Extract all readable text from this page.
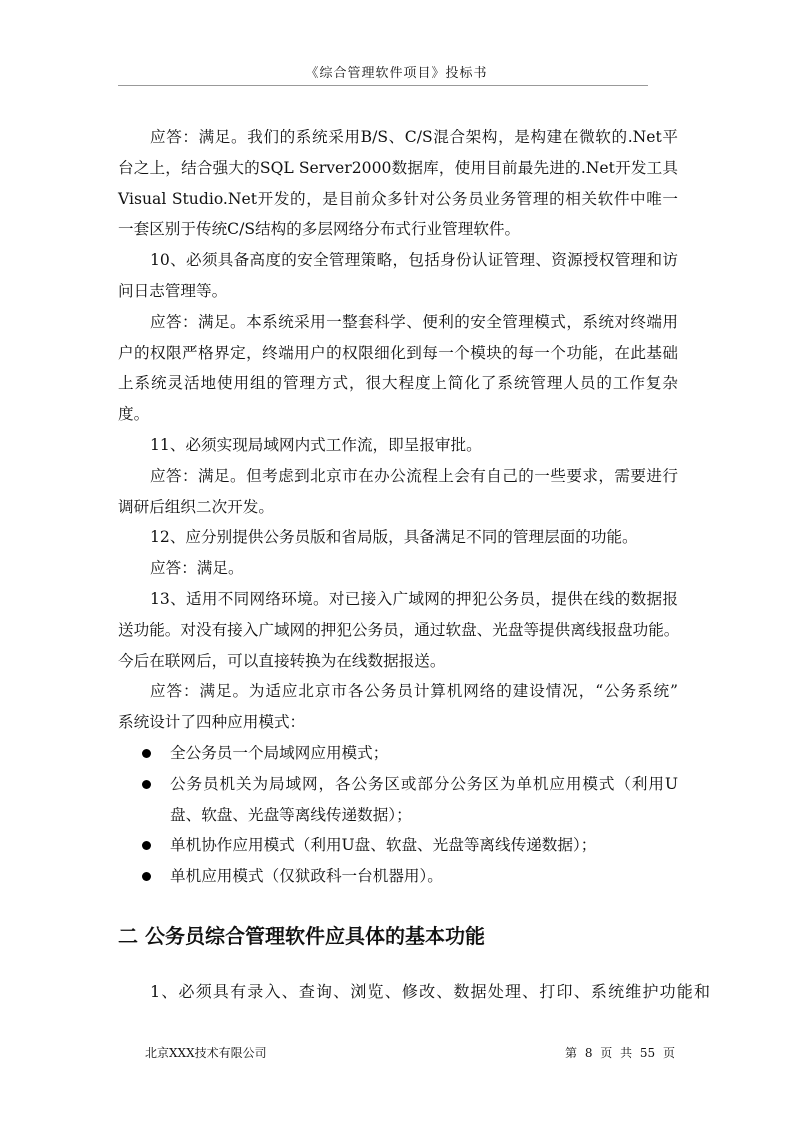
《综合管理软件项目》投标书
应答：满足。我们的系统采用B/S、C/S混合架构，是构建在微软的.Net平
台之上，结合强大的SQL Server2000数据库，使用目前最先进的.Net开发工具
Visual Studio.Net开发的，是目前众多针对公务员业务管理的相关软件中唯一
一套区别于传统C/S结构的多层网络分布式行业管理软件。
10、必须具备高度的安全管理策略，包括身份认证管理、资源授权管理和访
问日志管理等。
应答：满足。本系统采用一整套科学、便利的安全管理模式，系统对终端用
户的权限严格界定，终端用户的权限细化到每一个模块的每一个功能，在此基础
上系统灵活地使用组的管理方式，很大程度上简化了系统管理人员的工作复杂
度。
11、必须实现局域网内式工作流，即呈报审批。
应答：满足。但考虑到北京市在办公流程上会有自己的一些要求，需要进行
调研后组织二次开发。
12、应分别提供公务员版和省局版，具备满足不同的管理层面的功能。
应答：满足。
13、适用不同网络环境。对已接入广域网的押犯公务员，提供在线的数据报
送功能。对没有接入广域网的押犯公务员，通过软盘、光盘等提供离线报盘功能。
今后在联网后，可以直接转换为在线数据报送。
应答：满足。为适应北京市各公务员计算机网络的建设情况，“公务系统”
系统设计了四种应用模式：
全公务员一个局域网应用模式；
公务员机关为局域网，各公务区或部分公务区为单机应用模式（利用U
盘、软盘、光盘等离线传递数据）；
单机协作应用模式（利用U盘、软盘、光盘等离线传递数据）；
单机应用模式（仅狱政科一台机器用）。
二 公务员综合管理软件应具体的基本功能
1、必须具有录入、查询、浏览、修改、数据处理、打印、系统维护功能和
北京XXX技术有限公司	第 8 页 共 55 页
